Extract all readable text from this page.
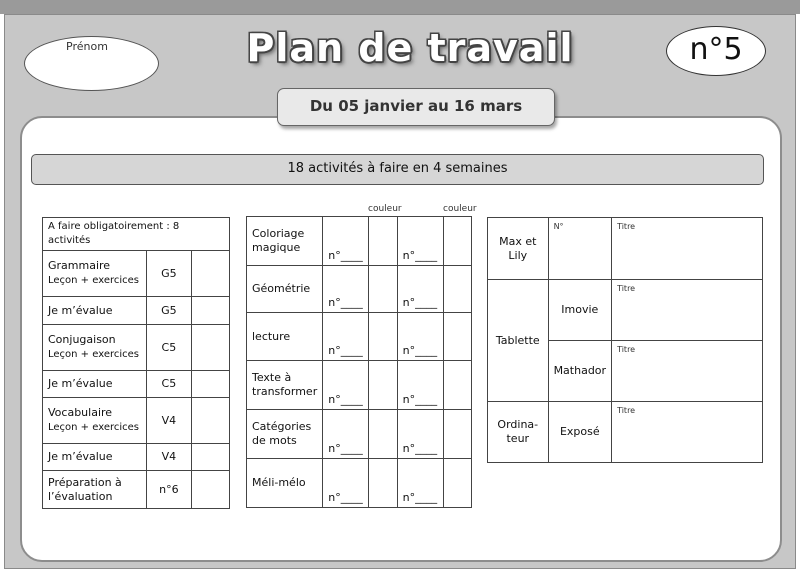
Prénom	Plan de travail	n°5
Du 05 janvier au 16 mars
18 activités à faire en 4 semaines
A faire obligatoirement : 8 activités		
Grammaire
Leçon + exercices	G5	
Je m’évalue	G5	
Conjugaison
Leçon + exercices	C5	
Je m’évalue	C5	
Vocabulaire
Leçon + exercices	V4	
Je m’évalue	V4	
Préparation à
l’évaluation	n°6	
couleur	couleur
Coloriage
magique	n°____		n°____	
Géométrie	n°____		n°____	
lecture	n°____		n°____	
Texte à
transformer	n°____		n°____	
Catégories
de mots	n°____		n°____	
Méli-mélo	n°____		n°____	
Max et Lily	N°	Titre
Tablette	Imovie	Titre
	Mathador	Titre
Ordina-
teur	Exposé	Titre
